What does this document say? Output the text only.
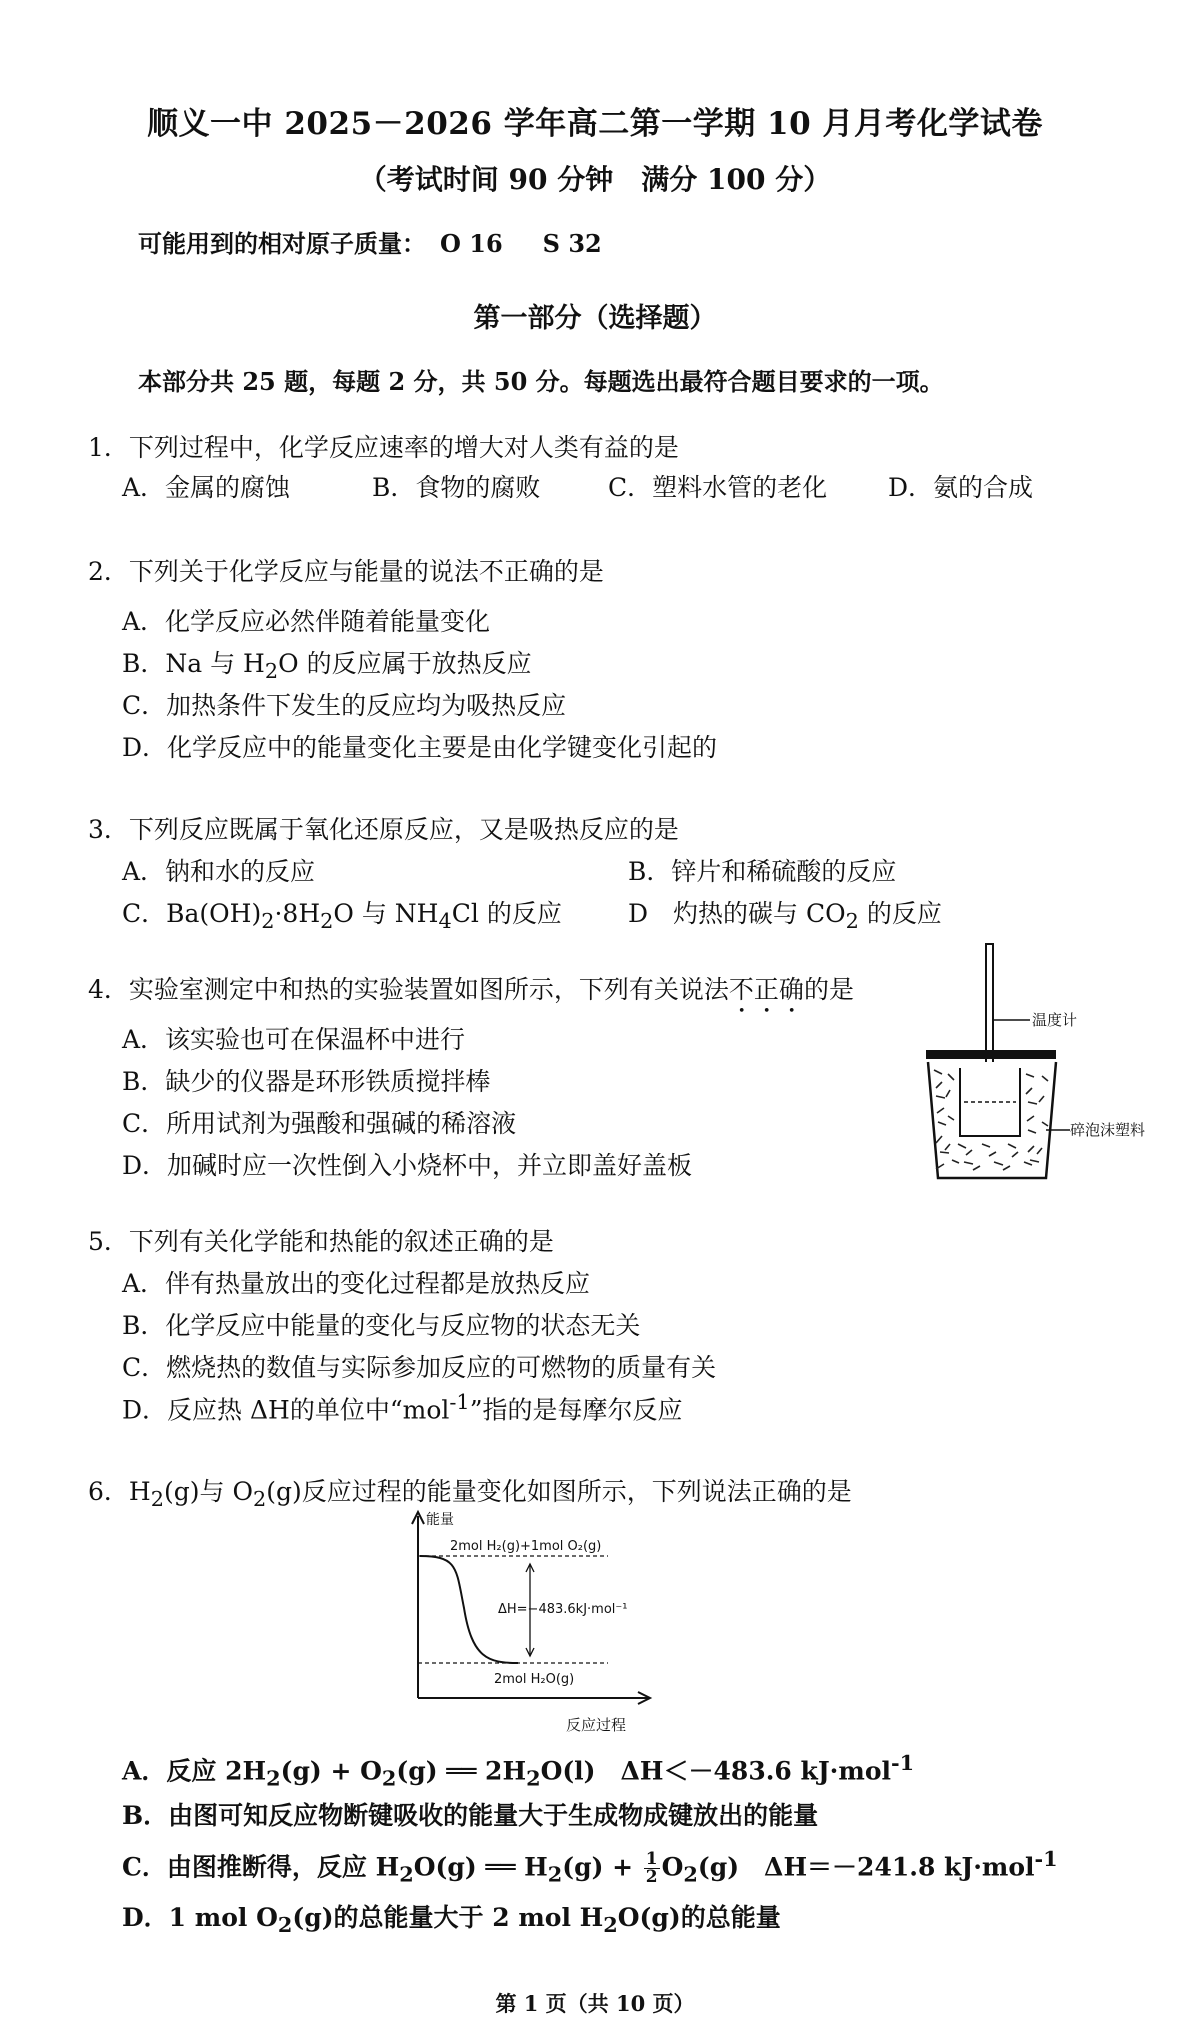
顺义一中 2025－2026 学年高二第一学期 10 月月考化学试卷
（考试时间 90 分钟　满分 100 分）
可能用到的相对原子质量： O 16 S 32
第一部分（选择题）
本部分共 25 题，每题 2 分，共 50 分。每题选出最符合题目要求的一项。
1．下列过程中，化学反应速率的增大对人类有益的是
A．金属的腐蚀	B．食物的腐败	C．塑料水管的老化 D．氨的合成
2．下列关于化学反应与能量的说法不正确的是
A．化学反应必然伴随着能量变化
B．Na 与 $H_2O$ 的反应属于放热反应
C．加热条件下发生的反应均为吸热反应
D．化学反应中的能量变化主要是由化学键变化引起的
3．下列反应既属于氧化还原反应，又是吸热反应的是
A．钠和水的反应	B．锌片和稀硫酸的反应
C．$Ba(OH)_2\cdot 8H_2O$ 与 $NH_4Cl$ 的反应	D　灼热的碳与 $CO_2$ 的反应
4．实验室测定中和热的实验装置如图所示，下列有关说法不正确的是
A．该实验也可在保温杯中进行
B．缺少的仪器是环形铁质搅拌棒
C．所用试剂为强酸和强碱的稀溶液
D．加碱时应一次性倒入小烧杯中，并立即盖好盖板
温度计
碎泡沫塑料
5．下列有关化学能和热能的叙述正确的是
A．伴有热量放出的变化过程都是放热反应
B．化学反应中能量的变化与反应物的状态无关
C．燃烧热的数值与实际参加反应的可燃物的质量有关
D．反应热 ΔH的单位中“mol$^{-1}$”指的是每摩尔反应
6．$H_2(g)$与 $O_2(g)$反应过程的能量变化如图所示，下列说法正确的是
能量
2mol H₂(g)+1mol O₂(g)
ΔH=−483.6kJ·mol⁻¹
2mol H₂O(g)
反应过程
A．反应 $2H_2(g) + O_2(g)$ ══ $2H_2O(l)$　ΔH＜－483.6 kJ·mol$^{-1}$
B．由图可知反应物断键吸收的能量大于生成物成键放出的能量
C．由图推断得，反应 $H_2O(g)$ ══ $H_2(g) + \frac{1}{2} O_2(g)$　ΔH＝－241.8 kJ·mol$^{-1}$
D．1 mol $O_2(g)$的总能量大于 2 mol $H_2O(g)$的总能量
第 1 页（共 10 页）
